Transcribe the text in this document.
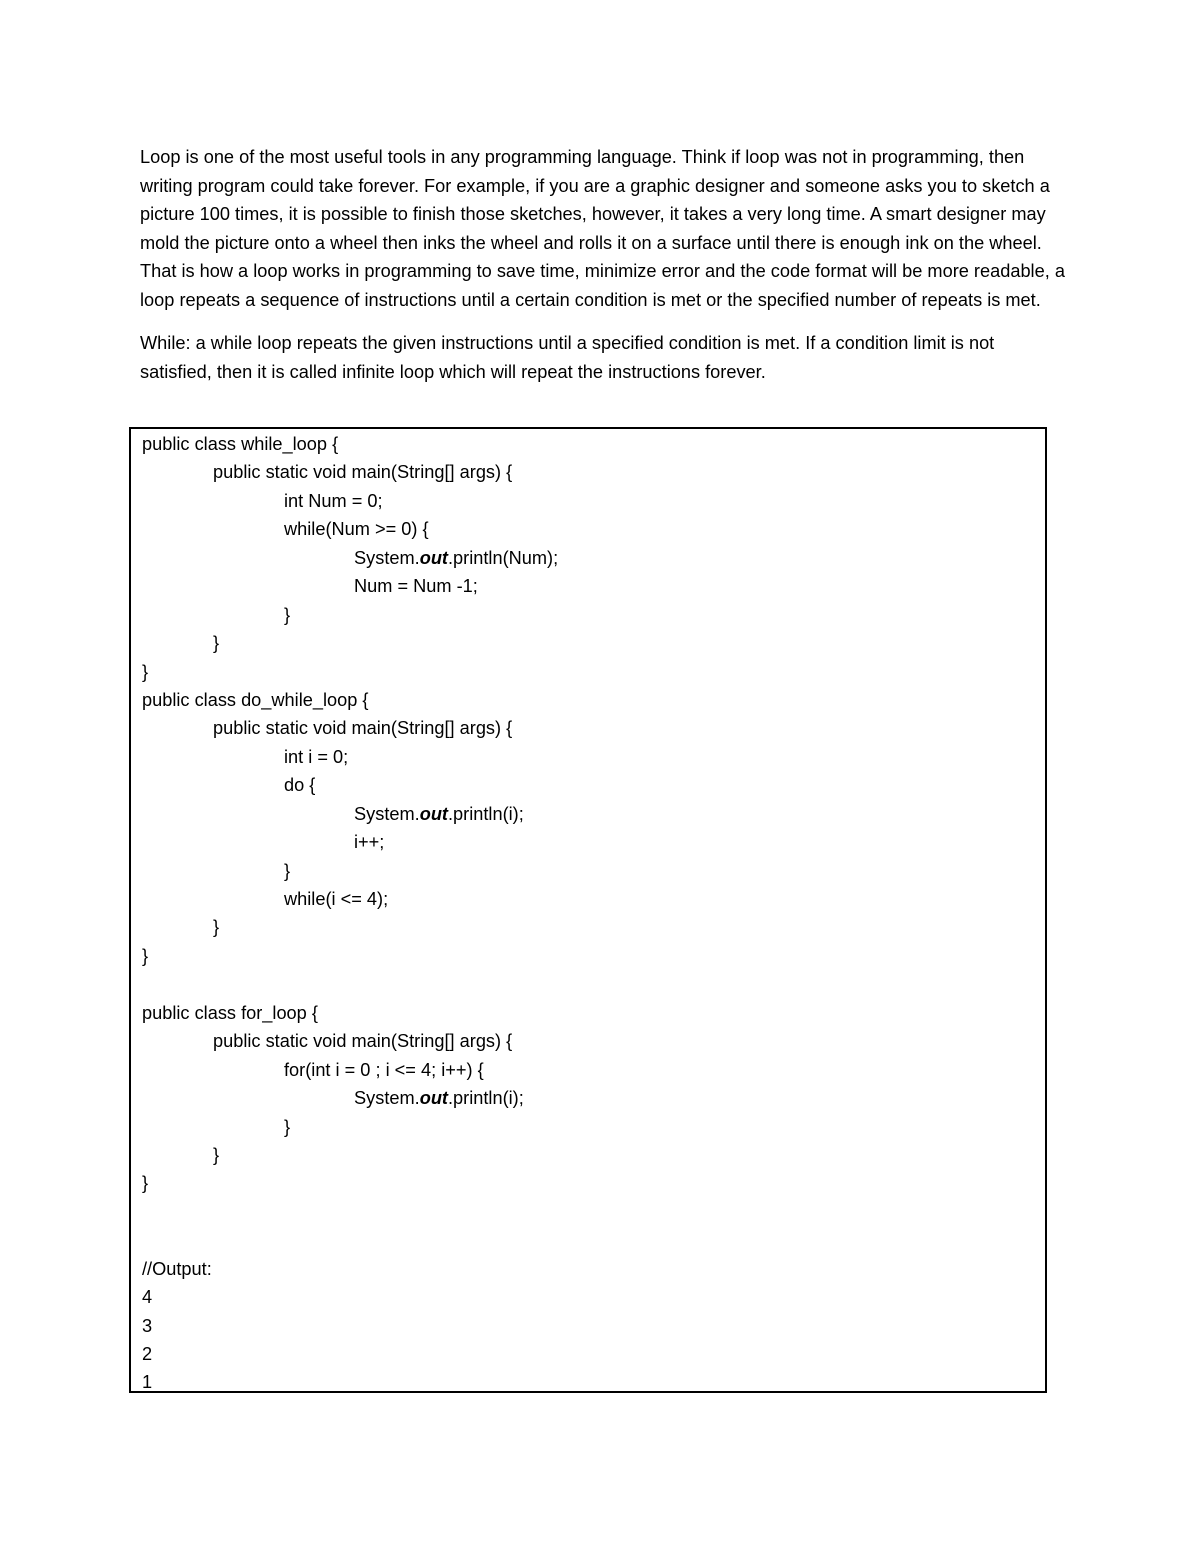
Loop is one of the most useful tools in any programming language. Think if loop was not in programming, then writing program could take forever. For example, if you are a graphic designer and someone asks you to sketch a picture 100 times, it is possible to finish those sketches, however, it takes a very long time. A smart designer may mold the picture onto a wheel then inks the wheel and rolls it on a surface until there is enough ink on the wheel. That is how a loop works in programming to save time, minimize error and the code format will be more readable, a loop repeats a sequence of instructions until a certain condition is met or the specified number of repeats is met.

While: a while loop repeats the given instructions until a specified condition is met. If a condition limit is not satisfied, then it is called infinite loop which will repeat the instructions forever.

public class while_loop {
public static void main(String[] args) {
int Num = 0;
while(Num >= 0) {
System.out.println(Num);
Num = Num -1;
}
}
}
public class do_while_loop {
public static void main(String[] args) {
int i = 0;
do {
System.out.println(i);
i++;
}
while(i <= 4);
}
}
public class for_loop {
public static void main(String[] args) {
for(int i = 0 ; i <= 4; i++) {
System.out.println(i);
}
}
}
//Output:
4
3
2
1
